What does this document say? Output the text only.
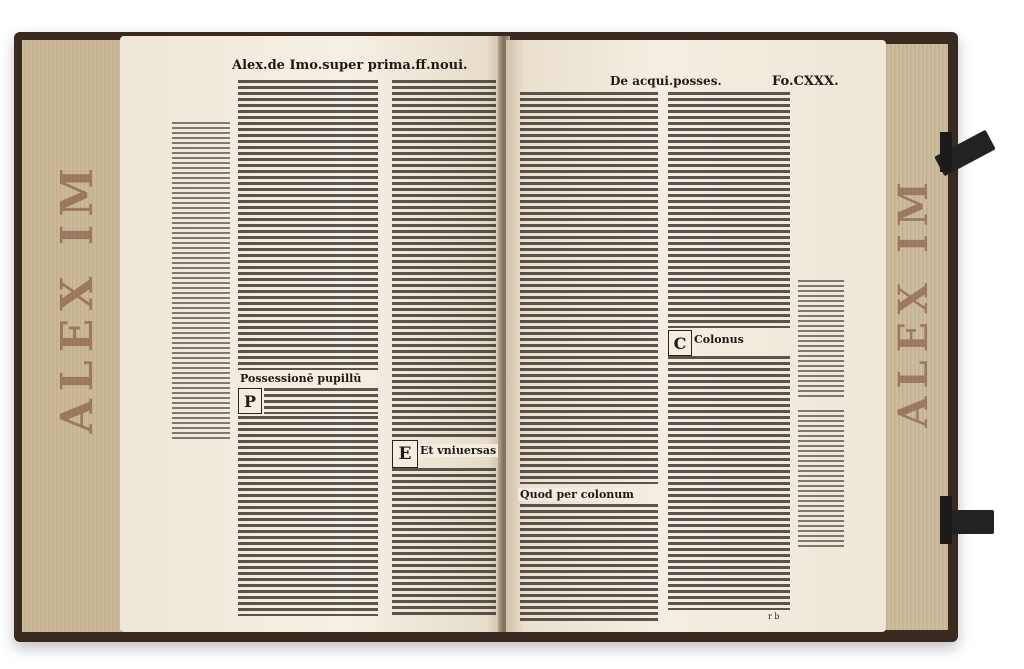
ALEX IM	ALEX IM
Alex.de Imo.super prima.ff.noui.
Possessionē pupillū
P
E Et vniuersas
De acqui.posses.	Fo.CXXX.
Quod per colonum
C Colonus
r b
